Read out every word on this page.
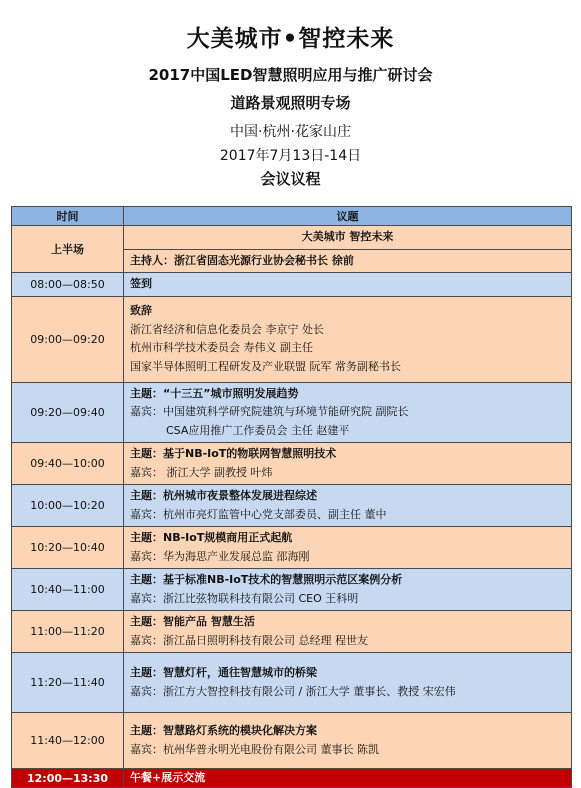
大美城市•智控未来
2017中国LED智慧照明应用与推广研讨会
道路景观照明专场
中国·杭州·花家山庄
2017年7月13日-14日
会议议程
时间	议题
上半场	大美城市 智控未来
	主持人：浙江省固态光源行业协会秘书长 徐前
08:00—08:50	签到

09:00—09:20	致辞
浙江省经济和信息化委员会 李京宁 处长
杭州市科学技术委员会 寿伟义 副主任
国家半导体照明工程研发及产业联盟 阮军 常务副秘书长

09:20—09:40	主题：“十三五”城市照明发展趋势
嘉宾：中国建筑科学研究院建筑与环境节能研究院 副院长
CSA应用推广工作委员会 主任 赵建平

09:40—10:00	主题：基于NB-IoT的物联网智慧照明技术
嘉宾： 浙江大学 副教授 叶炜

10:00—10:20	主题：杭州城市夜景整体发展进程综述
嘉宾：杭州市亮灯监管中心党支部委员、副主任 董中

10:20—10:40	主题：NB-IoT规模商用正式起航
嘉宾：华为海思产业发展总监 邵海刚

10:40—11:00	主题：基于标准NB-IoT技术的智慧照明示范区案例分析
嘉宾：浙江比弦物联科技有限公司 CEO 王科明

11:00—11:20	主题：智能产品 智慧生活
嘉宾：浙江晶日照明科技有限公司 总经理 程世友

11:20—11:40	主题：智慧灯杆，通往智慧城市的桥梁
嘉宾：浙江方大智控科技有限公司 / 浙江大学 董事长、教授 宋宏伟

11:40—12:00	主题：智慧路灯系统的模块化解决方案
嘉宾：杭州华普永明光电股份有限公司 董事长 陈凯

12:00—13:30	午餐+展示交流
